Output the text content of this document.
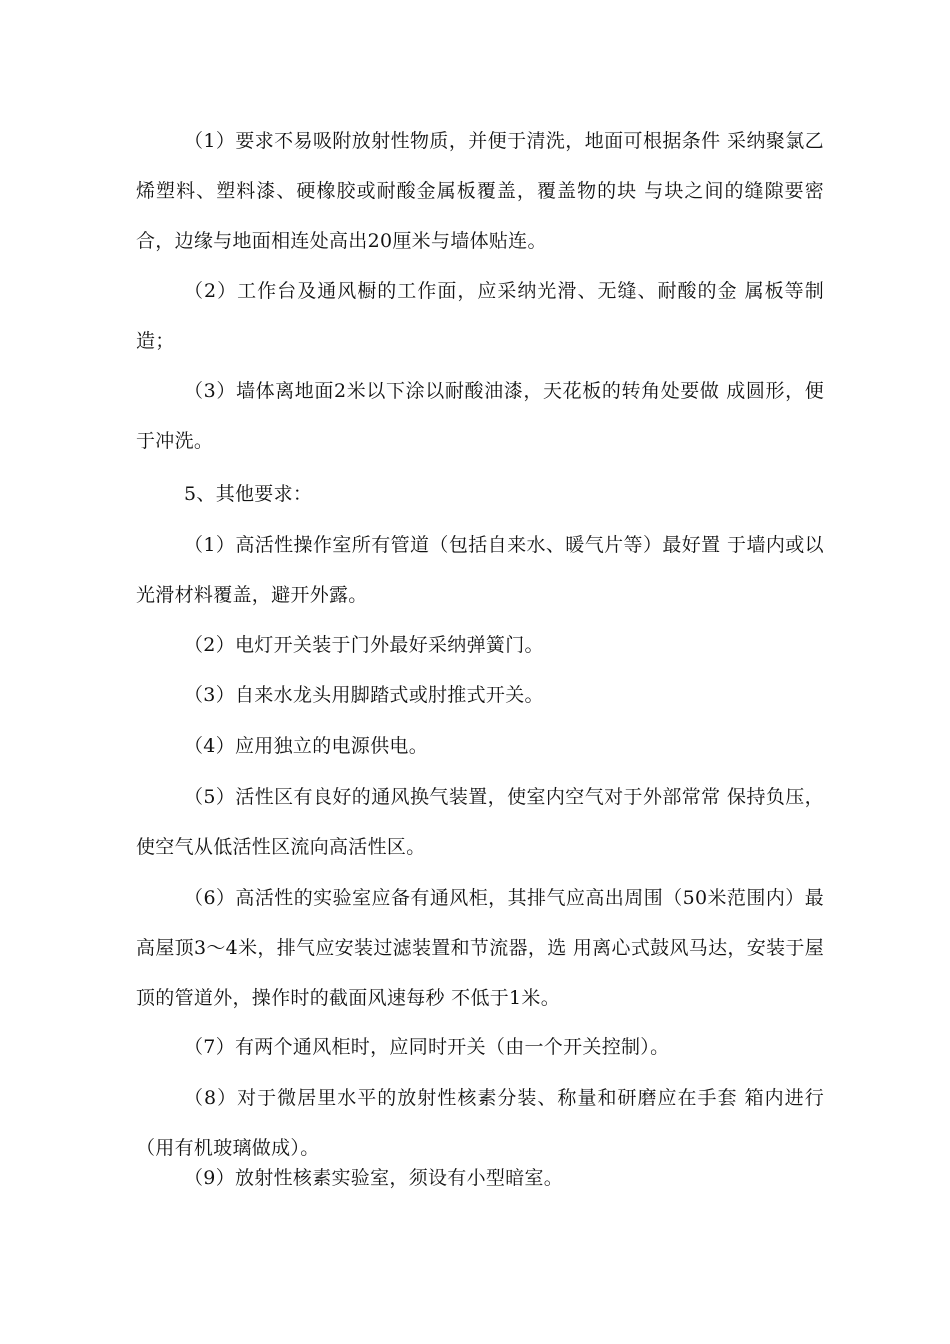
（1）要求不易吸附放射性物质，并便于清洗，地面可根据条件 采纳聚氯乙烯塑料、塑料漆、硬橡胶或耐酸金属板覆盖，覆盖物的块 与块之间的缝隙要密合，边缘与地面相连处高出20厘米与墙体贴连。

（2）工作台及通风橱的工作面，应采纳光滑、无缝、耐酸的金 属板等制造；

（3）墙体离地面2米以下涂以耐酸油漆，天花板的转角处要做 成圆形，便于冲洗。

5、其他要求：

（1）高活性操作室所有管道（包括自来水、暖气片等）最好置 于墙内或以光滑材料覆盖，避开外露。

（2）电灯开关装于门外最好采纳弹簧门。

（3）自来水龙头用脚踏式或肘推式开关。

（4）应用独立的电源供电。

（5）活性区有良好的通风换气装置，使室内空气对于外部常常 保持负压，使空气从低活性区流向高活性区。

（6）高活性的实验室应备有通风柜，其排气应高出周围（50米范围内）最高屋顶3〜4米，排气应安装过滤装置和节流器，选 用离心式鼓风马达，安装于屋顶的管道外，操作时的截面风速每秒 不低于1米。

（7）有两个通风柜时，应同时开关（由一个开关控制）。

（8）对于微居里水平的放射性核素分装、称量和研磨应在手套 箱内进行（用有机玻璃做成）。

（9）放射性核素实验室，须设有小型暗室。
